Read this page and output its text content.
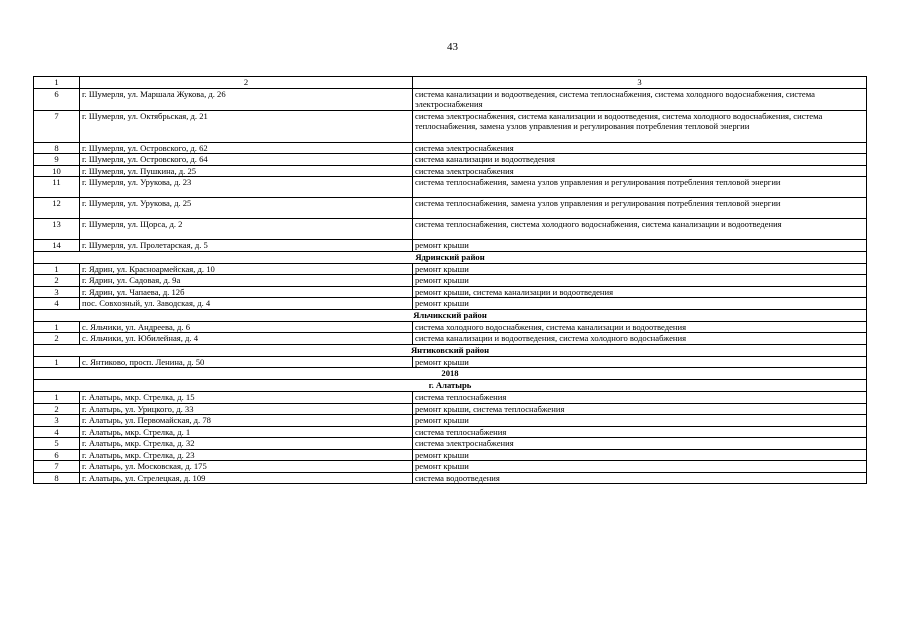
43
1	2	3
6	г. Шумерля, ул. Маршала Жукова, д. 26	система канализации и водоотведения, система теплоснабжения, система холодного водоснабжения, система электроснабжения
7	г. Шумерля, ул. Октябрьская, д. 21	система электроснабжения, система канализации и водоотведения, система холодного водоснабжения, система теплоснабжения, замена узлов управления и регулирования потребления тепловой энергии
8	г. Шумерля, ул. Островского, д. 62	система электроснабжения
9	г. Шумерля, ул. Островского, д. 64	система канализации и водоотведения
10	г. Шумерля, ул. Пушкина, д. 25	система электроснабжения
11	г. Шумерля, ул. Урукова, д. 23	система теплоснабжения, замена узлов управления и регулирования потребления тепловой энергии
12	г. Шумерля, ул. Урукова, д. 25	система теплоснабжения, замена узлов управления и регулирования потребления тепловой энергии
13	г. Шумерля, ул. Щорса, д. 2	система теплоснабжения, система холодного водоснабжения, система канализации и водоотведения
14	г. Шумерля, ул. Пролетарская, д. 5	ремонт крыши
Ядринский район		
1	г. Ядрин, ул. Красноармейская, д. 10	ремонт крыши
2	г. Ядрин, ул. Садовая, д. 9а	ремонт крыши
3	г. Ядрин, ул. Чапаева, д. 12б	ремонт крыши, система канализации и водоотведения
4	пос. Совхозный, ул. Заводская, д. 4	ремонт крыши
Яльчикский район		
1	с. Яльчики, ул. Андреева, д. 6	система холодного водоснабжения, система канализации и водоотведения
2	с. Яльчики, ул. Юбилейная, д. 4	система канализации и водоотведения, система холодного водоснабжения
Янтиковский район		
1	с. Янтиково, просп. Ленина, д. 50	ремонт крыши
2018		
г. Алатырь		
1	г. Алатырь, мкр. Стрелка, д. 15	система теплоснабжения
2	г. Алатырь, ул. Урицкого, д. 33	ремонт крыши, система теплоснабжения
3	г. Алатырь, ул. Первомайская, д. 78	ремонт крыши
4	г. Алатырь, мкр. Стрелка, д. 1	система теплоснабжения
5	г. Алатырь, мкр. Стрелка, д. 32	система электроснабжения
6	г. Алатырь, мкр. Стрелка, д. 23	ремонт крыши
7	г. Алатырь, ул. Московская, д. 175	ремонт крыши
8	г. Алатырь, ул. Стрелецкая, д. 109	система водоотведения
